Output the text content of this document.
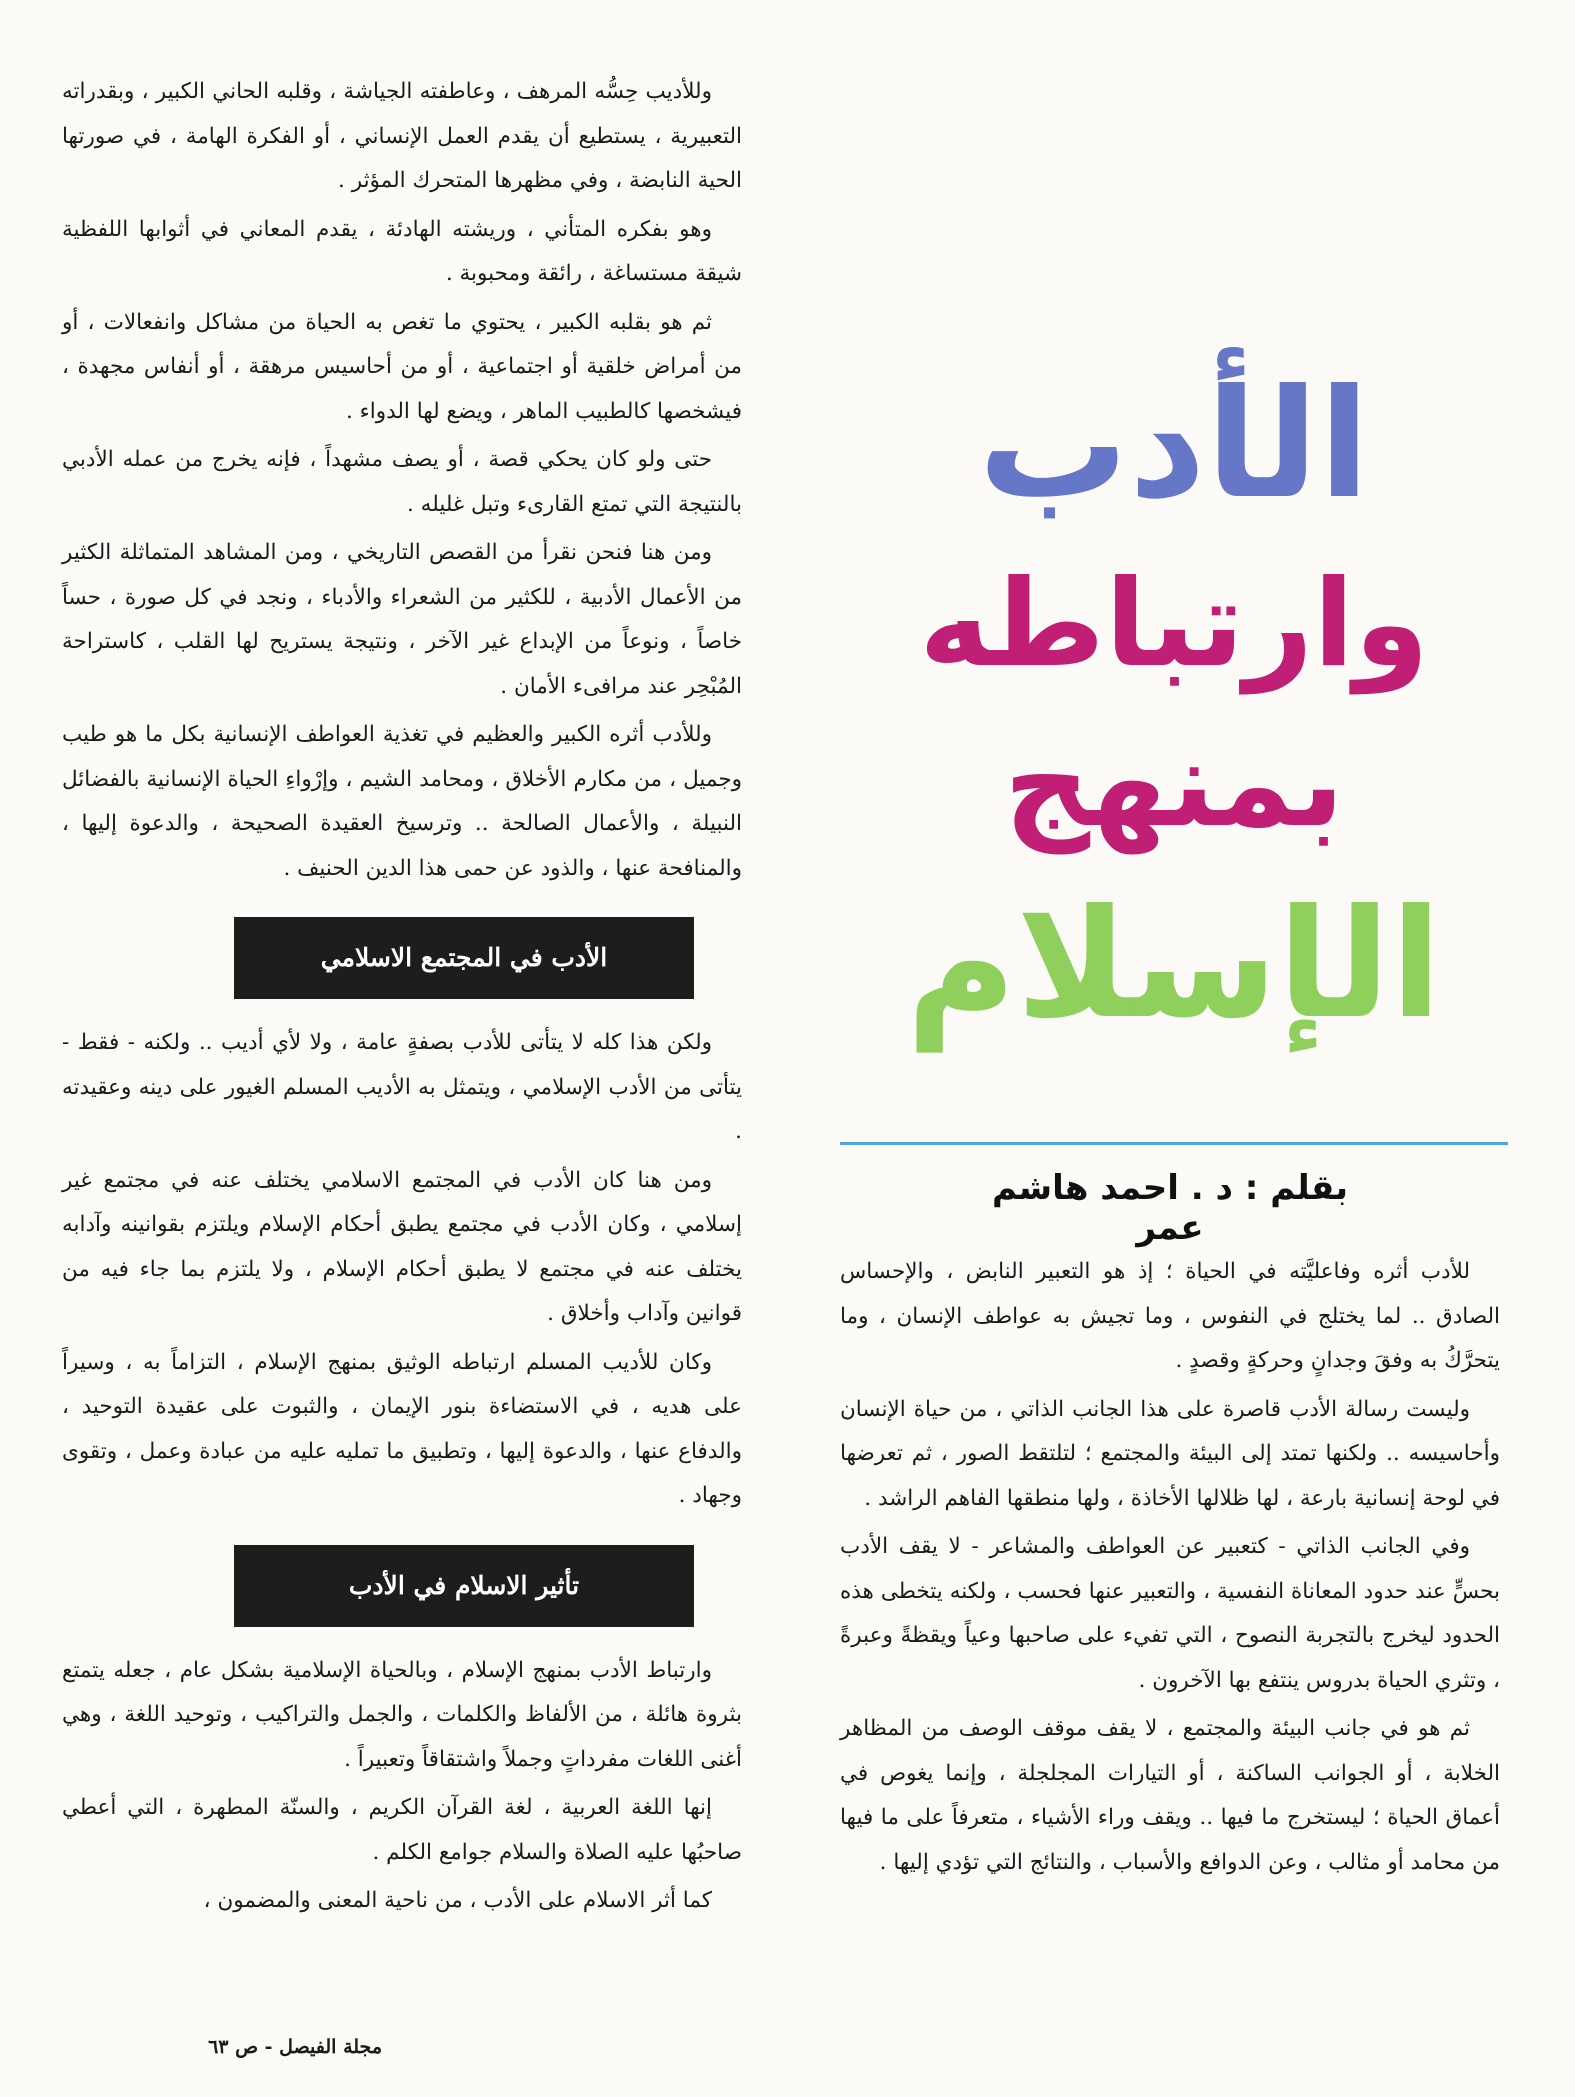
وللأديب حِسُّه المرهف ، وعاطفته الجياشة ، وقلبه الحاني الكبير ، وبقدراته التعبيرية ، يستطيع أن يقدم العمل الإنساني ، أو الفكرة الهامة ، في صورتها الحية النابضة ، وفي مظهرها المتحرك المؤثر .

وهو بفكره المتأني ، وريشته الهادئة ، يقدم المعاني في أثوابها اللفظية شيقة مستساغة ، رائقة ومحبوبة .

ثم هو بقلبه الكبير ، يحتوي ما تغص به الحياة من مشاكل وانفعالات ، أو من أمراض خلقية أو اجتماعية ، أو من أحاسيس مرهقة ، أو أنفاس مجهدة ، فيشخصها كالطبيب الماهر ، ويضع لها الدواء .

حتى ولو كان يحكي قصة ، أو يصف مشهداً ، فإنه يخرج من عمله الأدبي بالنتيجة التي تمتع القارىء وتبل غليله .

ومن هنا فنحن نقرأ من القصص التاريخي ، ومن المشاهد المتماثلة الكثير من الأعمال الأدبية ، للكثير من الشعراء والأدباء ، ونجد في كل صورة ، حساً خاصاً ، ونوعاً من الإبداع غير الآخر ، ونتيجة يستريح لها القلب ، كاستراحة المُبْحِر عند مرافىء الأمان .

وللأدب أثره الكبير والعظيم في تغذية العواطف الإنسانية بكل ما هو طيب وجميل ، من مكارم الأخلاق ، ومحامد الشيم ، وإرْواءِ الحياة الإنسانية بالفضائل النبيلة ، والأعمال الصالحة .. وترسيخ العقيدة الصحيحة ، والدعوة إليها ، والمنافحة عنها ، والذود عن حمى هذا الدين الحنيف .

الأدب في المجتمع الاسلامي

ولكن هذا كله لا يتأتى للأدب بصفةٍ عامة ، ولا لأي أديب .. ولكنه - فقط - يتأتى من الأدب الإسلامي ، ويتمثل به الأديب المسلم الغيور على دينه وعقيدته .

ومن هنا كان الأدب في المجتمع الاسلامي يختلف عنه في مجتمع غير إسلامي ، وكان الأدب في مجتمع يطبق أحكام الإسلام ويلتزم بقوانينه وآدابه يختلف عنه في مجتمع لا يطبق أحكام الإسلام ، ولا يلتزم بما جاء فيه من قوانين وآداب وأخلاق .

وكان للأديب المسلم ارتباطه الوثيق بمنهج الإسلام ، التزاماً به ، وسيراً على هديه ، في الاستضاءة بنور الإيمان ، والثبوت على عقيدة التوحيد ، والدفاع عنها ، والدعوة إليها ، وتطبيق ما تمليه عليه من عبادة وعمل ، وتقوى وجهاد .

تأثير الاسلام في الأدب

وارتباط الأدب بمنهج الإسلام ، وبالحياة الإسلامية بشكل عام ، جعله يتمتع بثروة هائلة ، من الألفاظ والكلمات ، والجمل والتراكيب ، وتوحيد اللغة ، وهي أغنى اللغات مفرداتٍ وجملاً واشتقاقاً وتعبيراً .

إنها اللغة العربية ، لغة القرآن الكريم ، والسنّة المطهرة ، التي أعطي صاحبُها عليه الصلاة والسلام جوامع الكلم .

كما أثر الاسلام على الأدب ، من ناحية المعنى والمضمون ،

الأدب
وارتباطه
بمنهج
الإسلام
بقلم : د . احمد هاشم عمر

للأدب أثره وفاعليَّته في الحياة ؛ إذ هو التعبير النابض ، والإحساس الصادق .. لما يختلج في النفوس ، وما تجيش به عواطف الإنسان ، وما يتحرَّكُ به وفقَ وجدانٍ وحركةٍ وقصدٍ .

وليست رسالة الأدب قاصرة على هذا الجانب الذاتي ، من حياة الإنسان وأحاسيسه .. ولكنها تمتد إلى البيئة والمجتمع ؛ لتلتقط الصور ، ثم تعرضها في لوحة إنسانية بارعة ، لها ظلالها الأخاذة ، ولها منطقها الفاهم الراشد .

وفي الجانب الذاتي - كتعبير عن العواطف والمشاعر - لا يقف الأدب بحسٍّ عند حدود المعاناة النفسية ، والتعبير عنها فحسب ، ولكنه يتخطى هذه الحدود ليخرج بالتجربة النصوح ، التي تفيء على صاحبها وعياً ويقظةً وعبرةً ، وتثري الحياة بدروس ينتفع بها الآخرون .

ثم هو في جانب البيئة والمجتمع ، لا يقف موقف الوصف من المظاهر الخلابة ، أو الجوانب الساكنة ، أو التيارات المجلجلة ، وإنما يغوص في أعماق الحياة ؛ ليستخرج ما فيها .. ويقف وراء الأشياء ، متعرفاً على ما فيها من محامد أو مثالب ، وعن الدوافع والأسباب ، والنتائج التي تؤدي إليها .

مجلة الفيصل - ص ٦٣
